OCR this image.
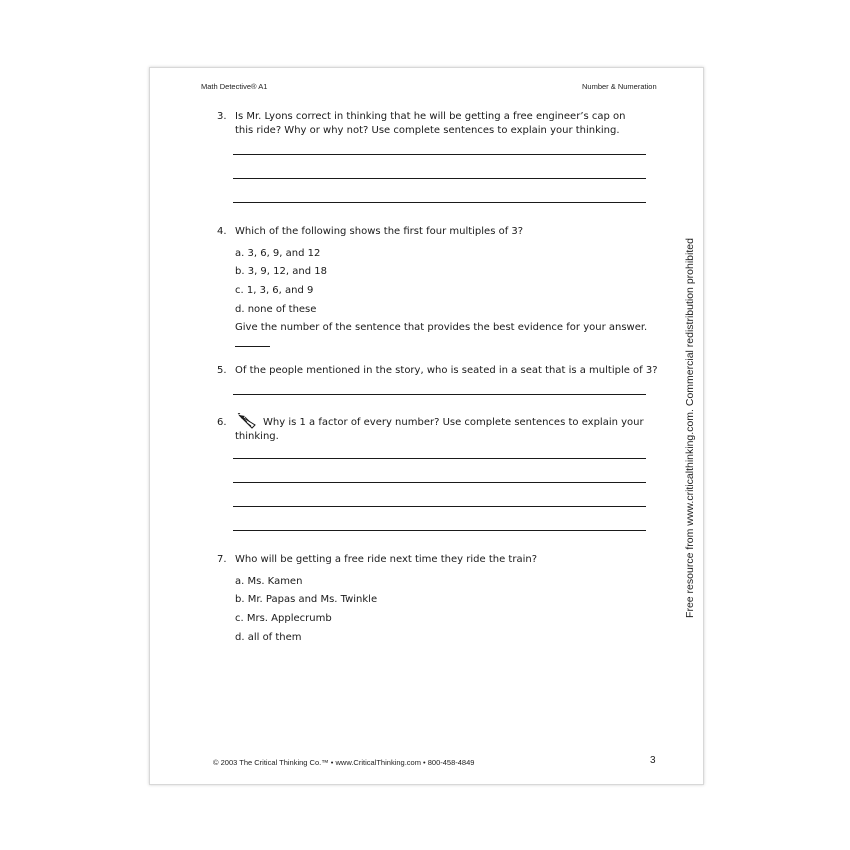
Math Detective® A1	Number & Numeration
3. Is Mr. Lyons correct in thinking that he will be getting a free engineer’s cap on
this ride? Why or why not? Use complete sentences to explain your thinking.
4. Which of the following shows the first four multiples of 3?
a. 3, 6, 9, and 12
b. 3, 9, 12, and 18
c. 1, 3, 6, and 9
d. none of these
Give the number of the sentence that provides the best evidence for your answer.
5. Of the people mentioned in the story, who is seated in a seat that is a multiple of 3?
6.	Why is 1 a factor of every number? Use complete sentences to explain your
thinking.
7. Who will be getting a free ride next time they ride the train?
a. Ms. Kamen
b. Mr. Papas and Ms. Twinkle
c. Mrs. Applecrumb
d. all of them
Free resource from www.criticalthinking.com. Commercial redistribution prohibited
© 2003 The Critical Thinking Co.™ • www.CriticalThinking.com • 800-458-4849	3
